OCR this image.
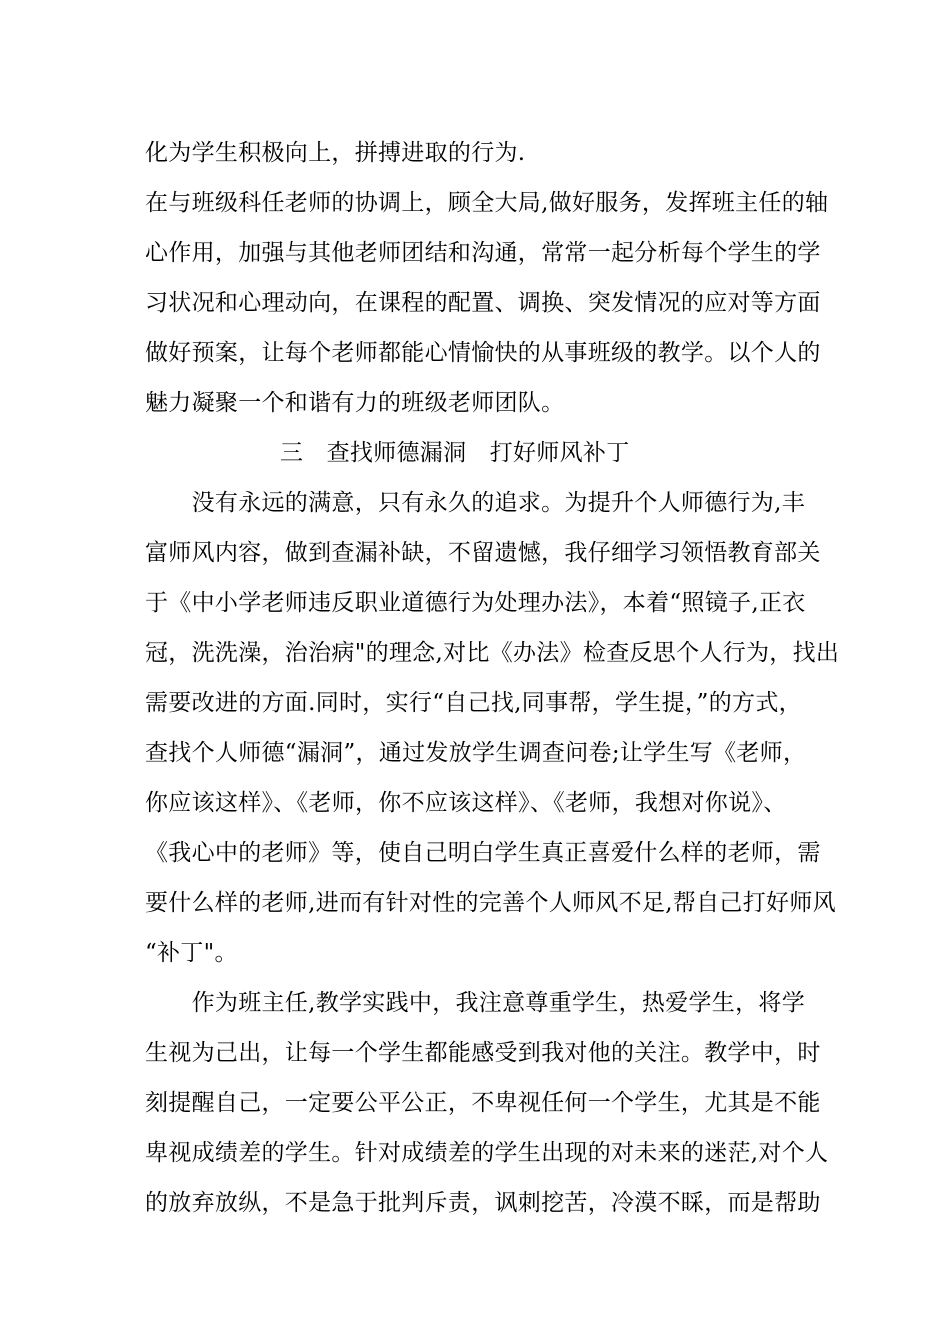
化为学生积极向上，拼搏进取的行为.
在与班级科任老师的协调上，顾全大局,做好服务，发挥班主任的轴
心作用，加强与其他老师团结和沟通，常常一起分析每个学生的学
习状况和心理动向，在课程的配置、调换、突发情况的应对等方面
做好预案，让每个老师都能心情愉快的从事班级的教学。以个人的
魅力凝聚一个和谐有力的班级老师团队。
三　查找师德漏洞　打好师风补丁
　　没有永远的满意，只有永久的追求。为提升个人师德行为,丰
富师风内容，做到查漏补缺，不留遗憾，我仔细学习领悟教育部关
于《中小学老师违反职业道德行为处理办法》，本着“照镜子,正衣
冠，洗洗澡，治治病"的理念,对比《办法》检查反思个人行为，找出
需要改进的方面.同时，实行“自己找,同事帮，学生提，”的方式，
查找个人师德“漏洞”，通过发放学生调查问卷;让学生写《老师，
你应该这样》、《老师，你不应该这样》、《老师，我想对你说》、
《我心中的老师》等，使自己明白学生真正喜爱什么样的老师，需
要什么样的老师,进而有针对性的完善个人师风不足,帮自己打好师风
“补丁"。
　　作为班主任,教学实践中，我注意尊重学生，热爱学生，将学
生视为己出，让每一个学生都能感受到我对他的关注。教学中，时
刻提醒自己，一定要公平公正，不卑视任何一个学生，尤其是不能
卑视成绩差的学生。针对成绩差的学生出现的对未来的迷茫,对个人
的放弃放纵，不是急于批判斥责，讽刺挖苦，冷漠不睬，而是帮助
